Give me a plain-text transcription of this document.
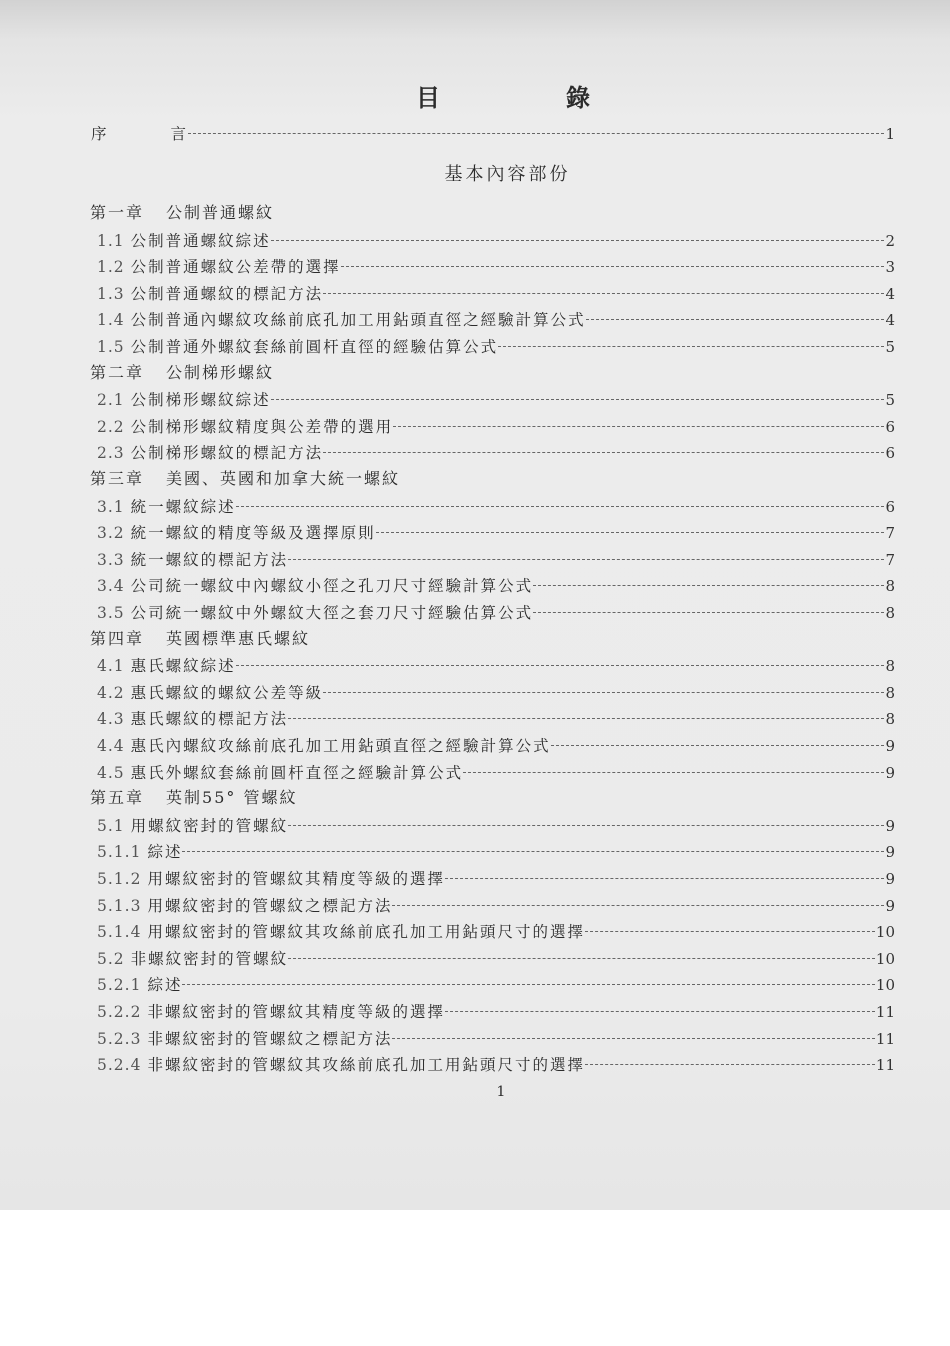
目	錄
序	言	1
基本內容部份
第一章 公制普通螺紋
1.1 公制普通螺紋綜述	2
1.2 公制普通螺紋公差帶的選擇	3
1.3 公制普通螺紋的標記方法	4
1.4 公制普通內螺紋攻絲前底孔加工用鉆頭直徑之經驗計算公式	4
1.5 公制普通外螺紋套絲前圓杆直徑的經驗估算公式	5
第二章 公制梯形螺紋
2.1 公制梯形螺紋綜述	5
2.2 公制梯形螺紋精度與公差帶的選用	6
2.3 公制梯形螺紋的標記方法	6
第三章 美國、英國和加拿大統一螺紋
3.1 統一螺紋綜述	6
3.2 統一螺紋的精度等級及選擇原則	7
3.3 統一螺紋的標記方法	7
3.4 公司統一螺紋中內螺紋小徑之孔刀尺寸經驗計算公式	8
3.5 公司統一螺紋中外螺紋大徑之套刀尺寸經驗估算公式	8
第四章 英國標準惠氏螺紋
4.1 惠氏螺紋綜述	8
4.2 惠氏螺紋的螺紋公差等級	8
4.3 惠氏螺紋的標記方法	8
4.4 惠氏內螺紋攻絲前底孔加工用鉆頭直徑之經驗計算公式	9
4.5 惠氏外螺紋套絲前圓杆直徑之經驗計算公式	9
第五章 英制55° 管螺紋
5.1 用螺紋密封的管螺紋	9
5.1.1 綜述	9
5.1.2 用螺紋密封的管螺紋其精度等級的選擇	9
5.1.3 用螺紋密封的管螺紋之標記方法	9
5.1.4 用螺紋密封的管螺紋其攻絲前底孔加工用鉆頭尺寸的選擇	10
5.2 非螺紋密封的管螺紋	10
5.2.1 綜述	10
5.2.2 非螺紋密封的管螺紋其精度等級的選擇	11
5.2.3 非螺紋密封的管螺紋之標記方法	11
5.2.4 非螺紋密封的管螺紋其攻絲前底孔加工用鉆頭尺寸的選擇	11
1
